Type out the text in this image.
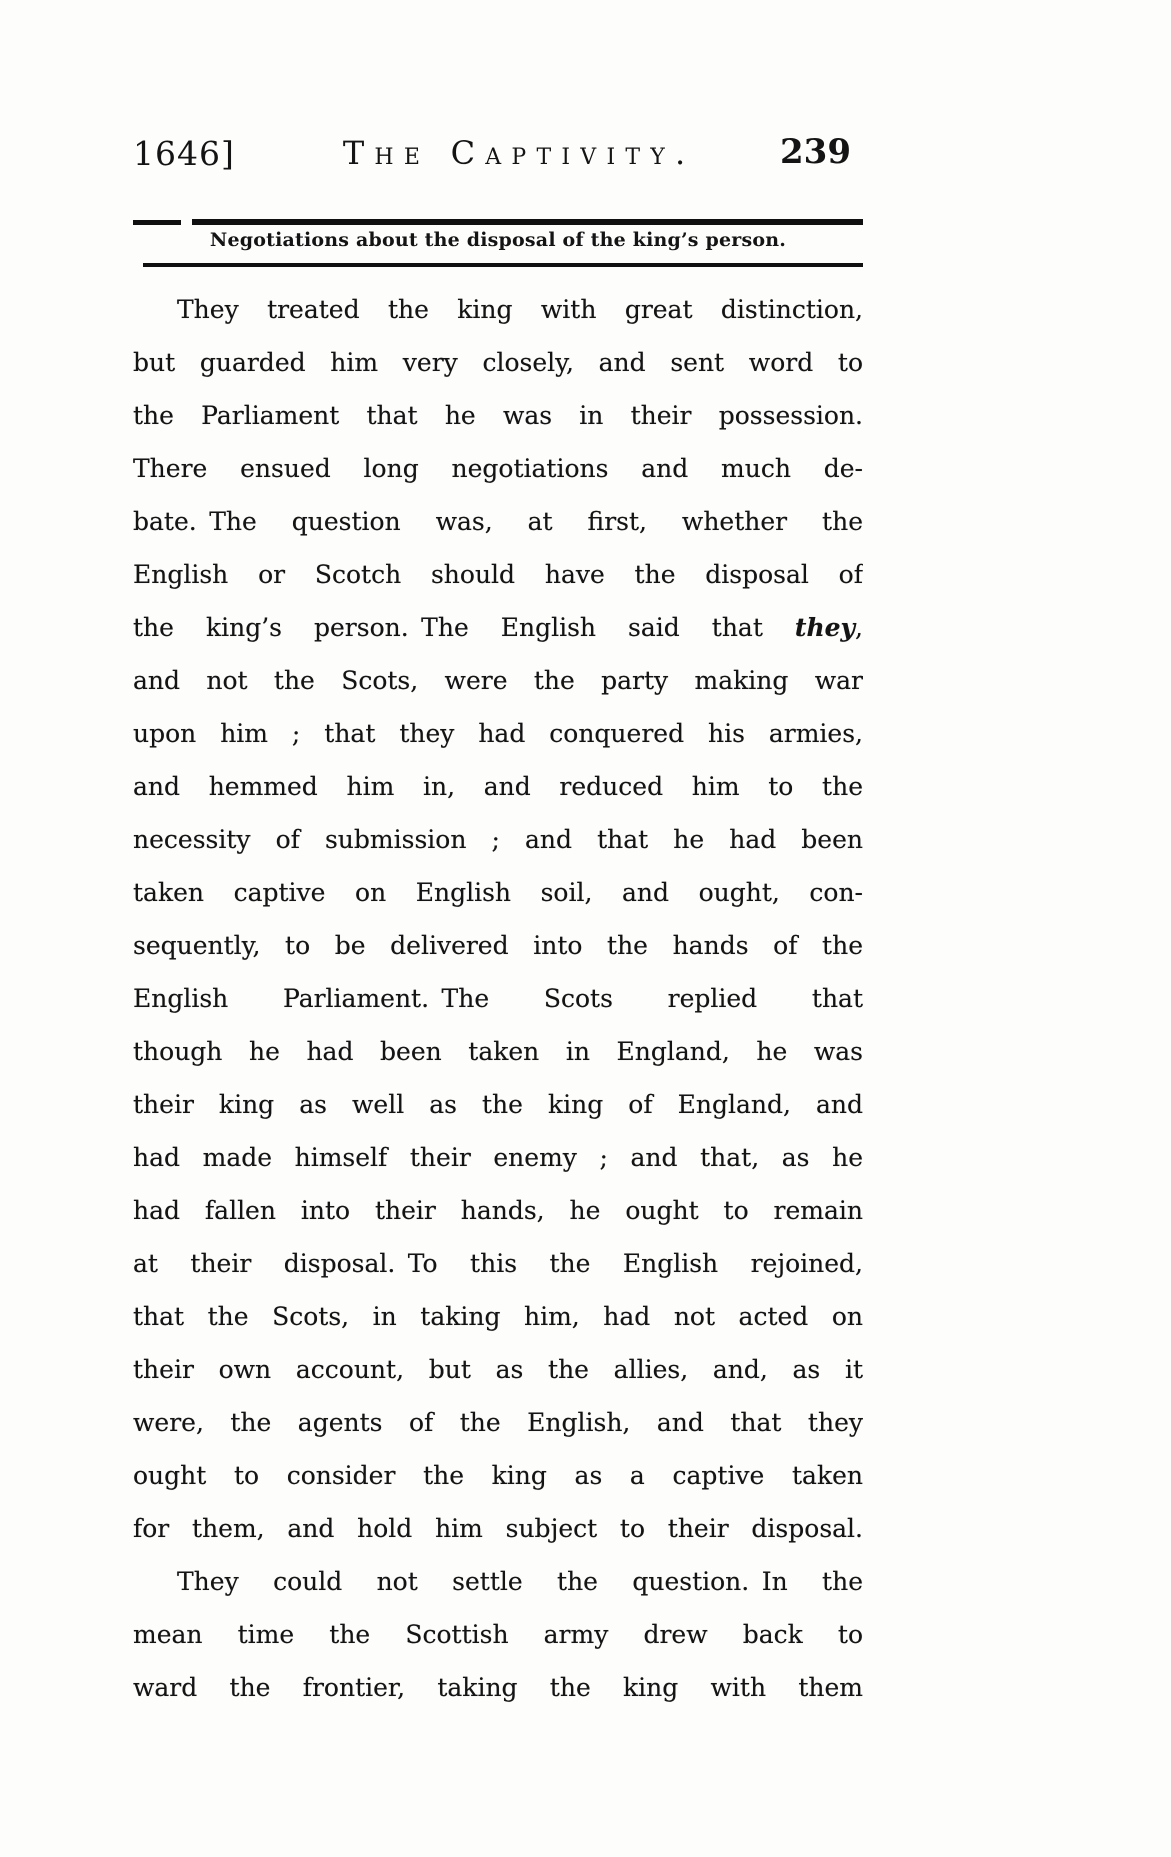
1646]	The Captivity. 239
Negotiations about the disposal of the king’s person.
They treated the king with great distinction,
but guarded him very closely, and sent word to
the Parliament that he was in their possession.
There ensued long negotiations and much de-
bate. The question was, at first, whether the
English or Scotch should have the disposal of
the king’s person. The English said that they,
and not the Scots, were the party making war
upon him ; that they had conquered his armies,
and hemmed him in, and reduced him to the
necessity of submission ; and that he had been
taken captive on English soil, and ought, con-
sequently, to be delivered into the hands of the
English Parliament. The Scots replied that
though he had been taken in England, he was
their king as well as the king of England, and
had made himself their enemy ; and that, as he
had fallen into their hands, he ought to remain
at their disposal. To this the English rejoined,
that the Scots, in taking him, had not acted on
their own account, but as the allies, and, as it
were, the agents of the English, and that they
ought to consider the king as a captive taken
for them, and hold him subject to their disposal.
They could not settle the question. In the
mean time the Scottish army drew back to
ward the frontier, taking the king with them
